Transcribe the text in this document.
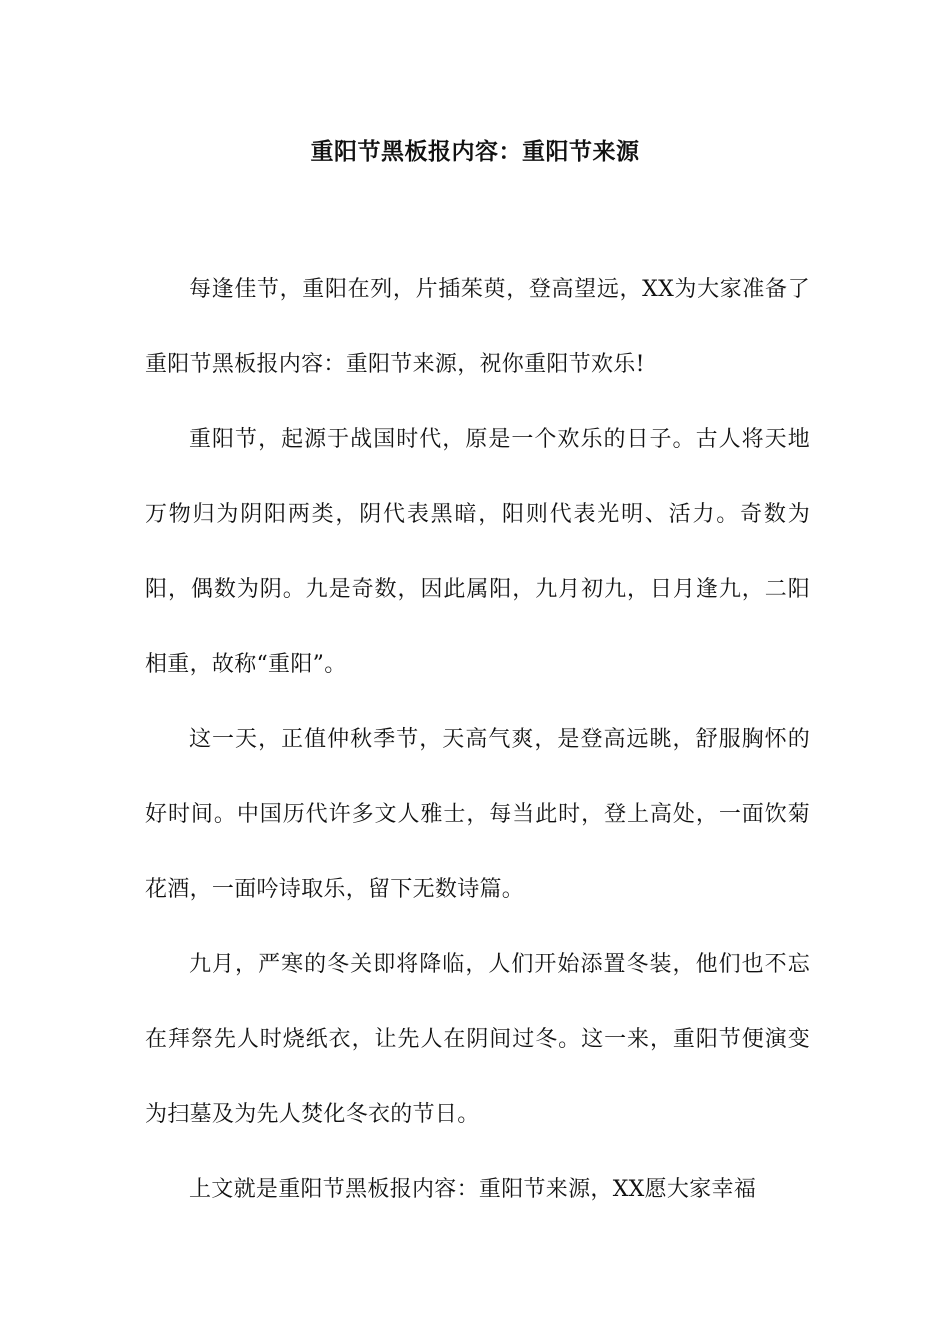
重阳节黑板报内容：重阳节来源

每逢佳节，重阳在列，片插茱萸，登高望远，XX为大家准备了重阳节黑板报内容：重阳节来源，祝你重阳节欢乐!

重阳节，起源于战国时代，原是一个欢乐的日子。古人将天地万物归为阴阳两类，阴代表黑暗，阳则代表光明、活力。奇数为阳，偶数为阴。九是奇数，因此属阳，九月初九，日月逢九，二阳相重，故称“重阳”。

这一天，正值仲秋季节，天高气爽，是登高远眺，舒服胸怀的好时间。中国历代许多文人雅士，每当此时，登上高处，一面饮菊花酒，一面吟诗取乐，留下无数诗篇。

九月，严寒的冬关即将降临，人们开始添置冬装，他们也不忘在拜祭先人时烧纸衣，让先人在阴间过冬。这一来，重阳节便演变为扫墓及为先人焚化冬衣的节日。

上文就是重阳节黑板报内容：重阳节来源，XX愿大家幸福
